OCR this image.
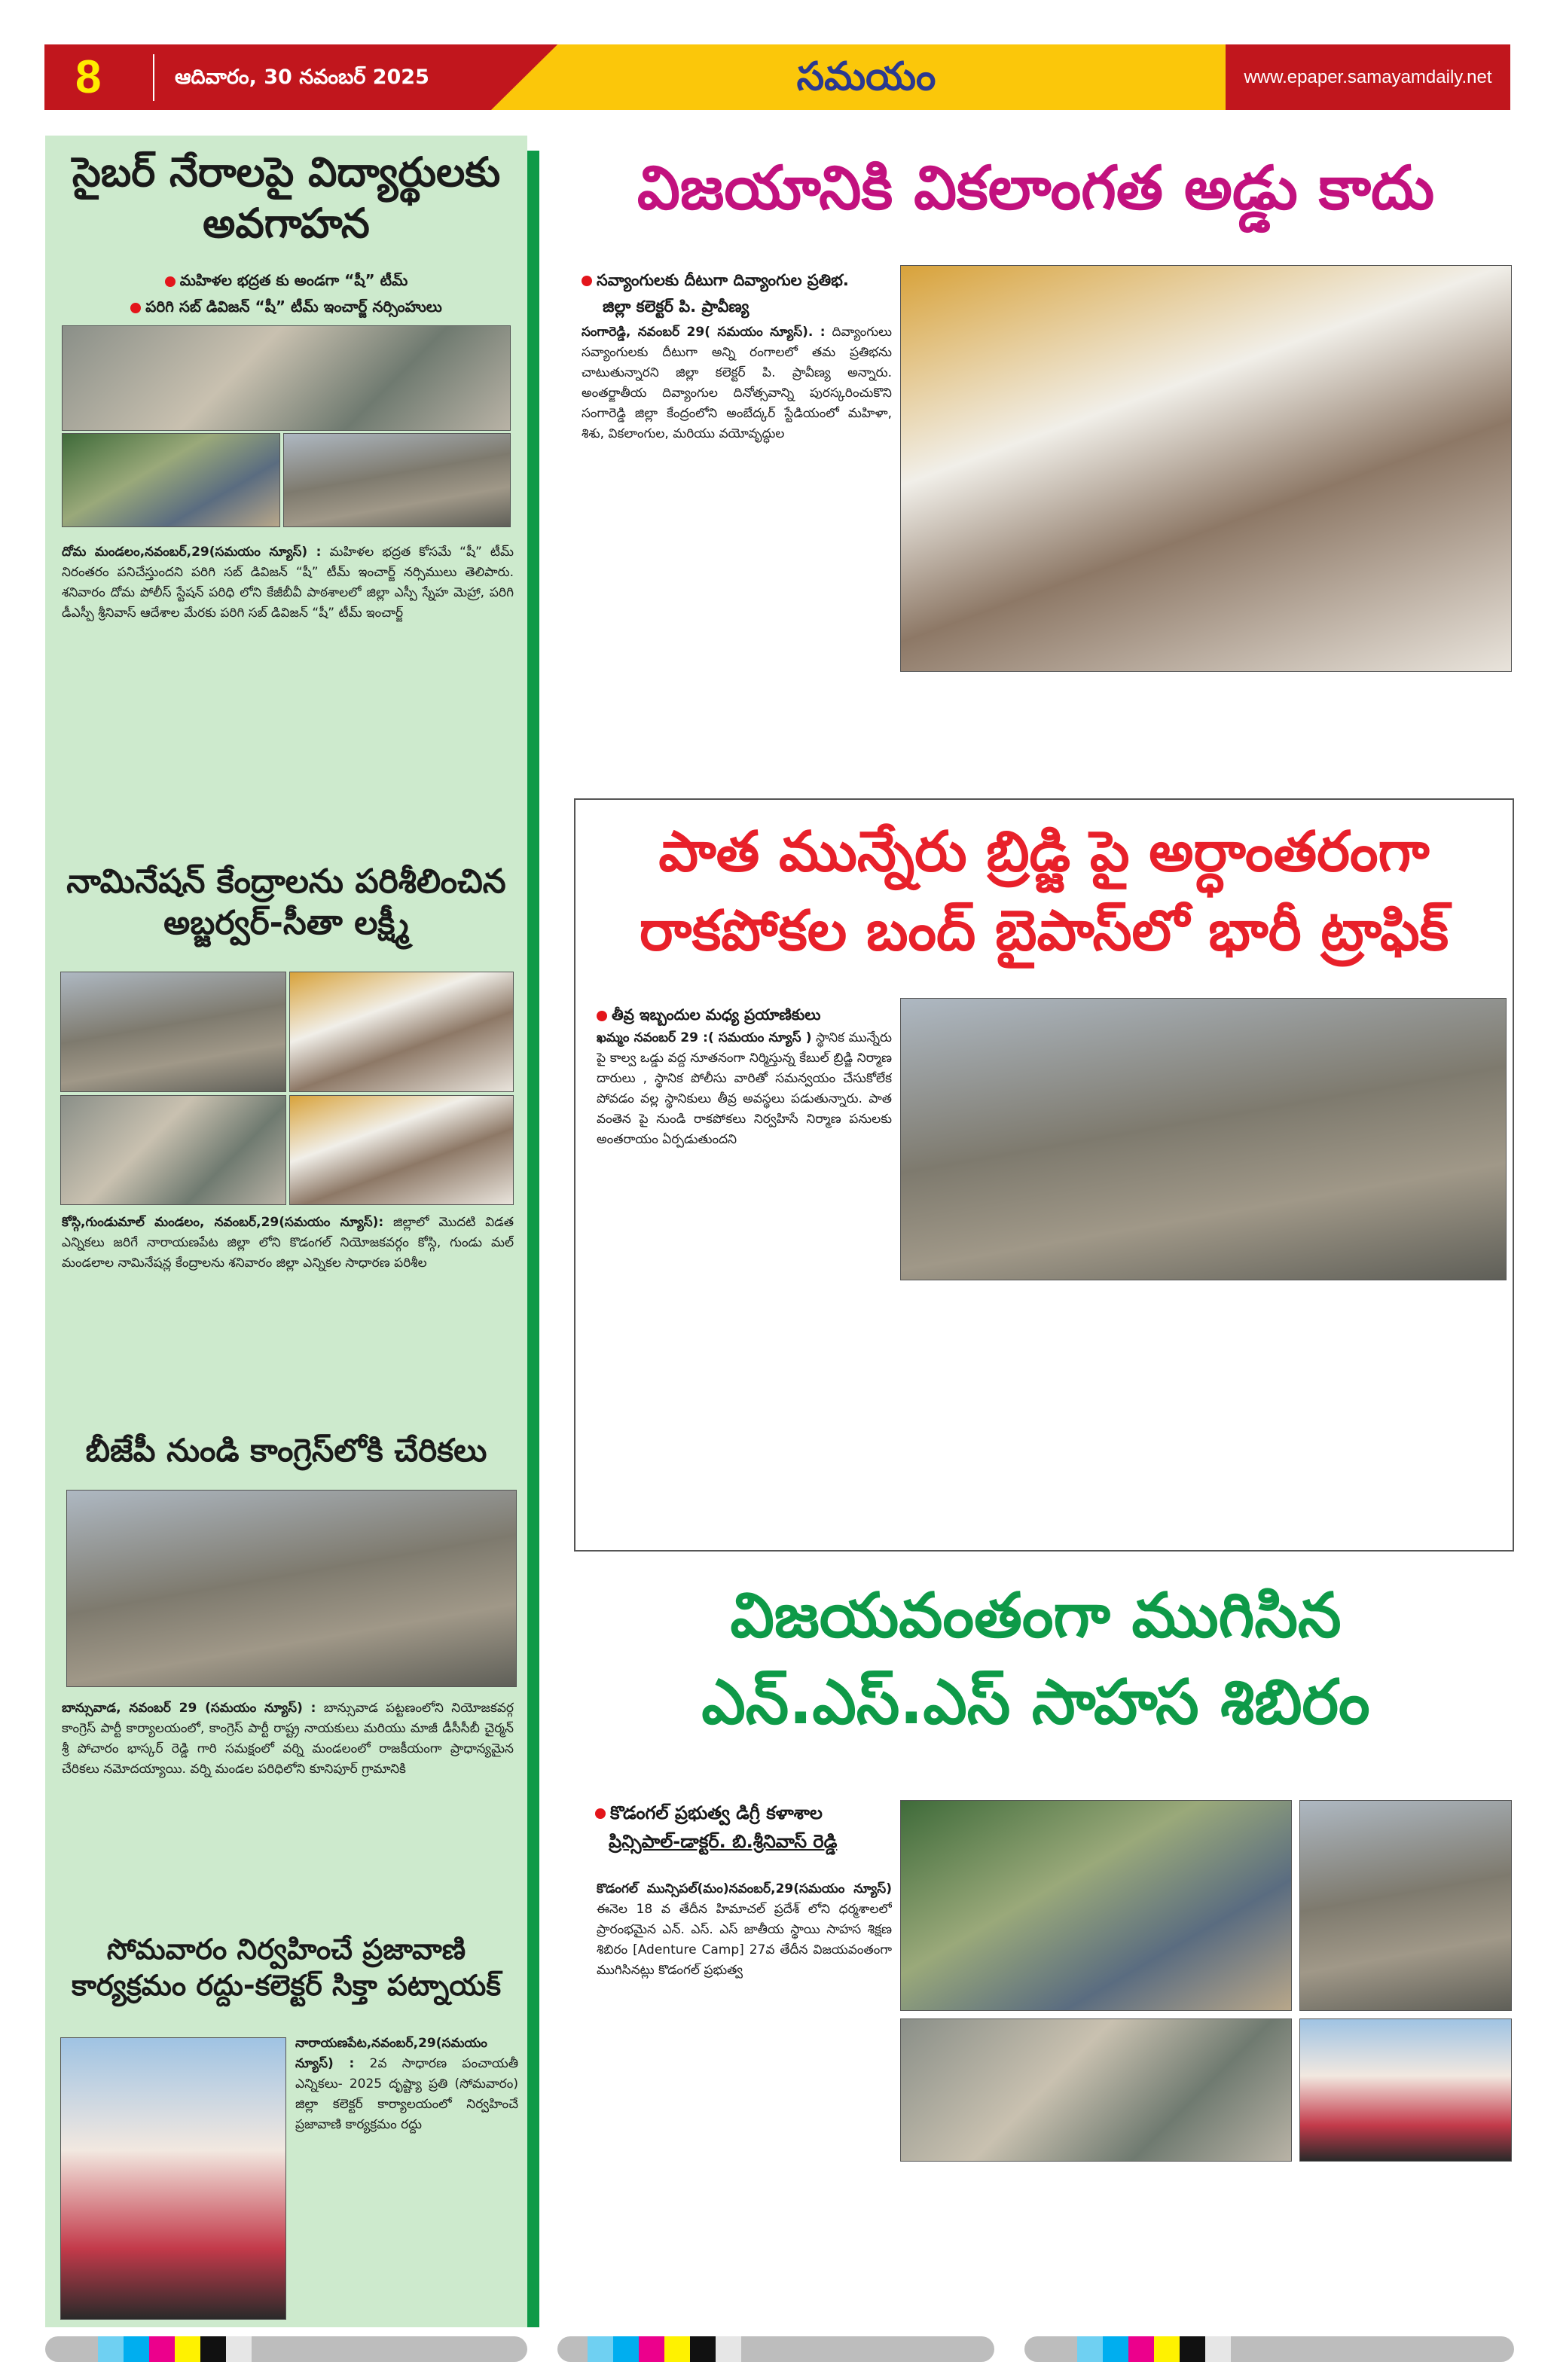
8	ఆదివారం, 30 నవంబర్ 2025	సమయం	www.epaper.samayamdaily.net
సైబర్ నేరాలపై విద్యార్థులకు అవగాహన
మహిళల భద్రత కు అండగా “షీ” టీమ్
పరిగి సబ్ డివిజన్ “షీ” టీమ్ ఇంచార్జ్ నర్సింహులు
దోమ మండలం,నవంబర్,29(సమయం న్యూస్) : మహిళల భద్రత కోసమే “షీ” టీమ్ నిరంతరం పనిచేస్తుందని పరిగి సబ్ డివిజన్ “షీ” టీమ్ ఇంచార్జ్ నర్సిములు తెలిపారు. శనివారం దోమ పోలీస్ స్టేషన్ పరిధి లోని కేజీబీవీ పాఠశాలలో జిల్లా ఎస్పీ స్నేహ మెహ్రా, పరిగి డీఎస్పీ శ్రీనివాస్ ఆదేశాల మేరకు పరిగి సబ్ డివిజన్ “షీ” టీమ్ ఇంచార్జ్
నామినేషన్ కేంద్రాలను పరిశీలించిన అబ్జర్వర్-సీతా లక్ష్మీ
కోస్గి,గుండుమాల్ మండలం, నవంబర్,29(సమయం న్యూస్): జిల్లాలో మొదటి విడత ఎన్నికలు జరిగే నారాయణపేట జిల్లా లోని కొడంగల్ నియోజకవర్గం కోస్గి, గుండు మల్ మండలాల నామినేషన్ల కేంద్రాలను శనివారం జిల్లా ఎన్నికల సాధారణ పరిశీల
బీజేపీ నుండి కాంగ్రెస్‌లోకి చేరికలు
బాన్సువాడ, నవంబర్ 29 (సమయం న్యూస్) : బాన్సువాడ పట్టణంలోని నియోజకవర్గ కాంగ్రెస్ పార్టీ కార్యాలయంలో, కాంగ్రెస్ పార్టీ రాష్ట్ర నాయకులు మరియు మాజీ డీసీసీబీ చైర్మన్ శ్రీ పోచారం భాస్కర్ రెడ్డి గారి సమక్షంలో వర్ని మండలంలో రాజకీయంగా ప్రాధాన్యమైన చేరికలు నమోదయ్యాయి. వర్ని మండల పరిధిలోని కూనిపూర్ గ్రామానికి
సోమవారం నిర్వహించే ప్రజావాణి కార్యక్రమం రద్దు-కలెక్టర్ సిక్తా పట్నాయక్
నారాయణపేట,నవంబర్,29(సమయం న్యూస్) : 2వ సాధారణ పంచాయతీ ఎన్నికలు- 2025 దృష్ట్యా ప్రతి (సోమవారం) జిల్లా కలెక్టర్ కార్యాలయంలో నిర్వహించే ప్రజావాణి కార్యక్రమం రద్దు
విజయానికి వికలాంగత అడ్డు కాదు
సవ్యాంగులకు దీటుగా దివ్యాంగుల ప్రతిభ.
జిల్లా కలెక్టర్ పి. ప్రావీణ్య
సంగారెడ్డి, నవంబర్ 29( సమయం న్యూస్). : దివ్యాంగులు సవ్యాంగులకు దీటుగా అన్ని రంగాలలో తమ ప్రతిభను చాటుతున్నారని జిల్లా కలెక్టర్ పి. ప్రావీణ్య అన్నారు. అంతర్జాతీయ దివ్యాంగుల దినోత్సవాన్ని పురస్కరించుకొని సంగారెడ్డి జిల్లా కేంద్రంలోని అంబేద్కర్ స్టేడియంలో మహిళా, శిశు, వికలాంగుల, మరియు వయోవృద్ధుల
పాత మున్నేరు బ్రిడ్జి పై అర్ధాంతరంగా
రాకపోకల బంద్ బైపాస్‌లో భారీ ట్రాఫిక్
తీవ్ర ఇబ్బందుల మధ్య ప్రయాణికులు
ఖమ్మం నవంబర్ 29 :( సమయం న్యూస్ ) స్థానిక మున్నేరు పై కాల్వ ఒడ్డు వద్ద నూతనంగా నిర్మిస్తున్న కేబుల్ బ్రిడ్జి నిర్మాణ దారులు , స్థానిక పోలీసు వారితో సమన్వయం చేసుకోలేక పోవడం వల్ల స్థానికులు తీవ్ర అవస్థలు పడుతున్నారు. పాత వంతెన పై నుండి రాకపోకలు నిర్వహిసే నిర్మాణ పనులకు అంతరాయం ఏర్పడుతుందని
విజయవంతంగా ముగిసిన
ఎన్.ఎస్.ఎస్ సాహస శిబిరం
కొడంగల్ ప్రభుత్వ డిగ్రీ కళాశాల
ప్రిన్సిపాల్-డాక్టర్. బి.శ్రీనివాస్ రెడ్డి
కొడంగల్ మున్సిపల్(మం)నవంబర్,29(సమయం న్యూస్) ఈనెల 18 వ తేదీన హిమాచల్ ప్రదేశ్ లోని ధర్మశాలలో ప్రారంభమైన ఎన్. ఎస్. ఎస్ జాతీయ స్థాయి సాహస శిక్షణ శిబిరం [Adenture Camp] 27వ తేదీన విజయవంతంగా ముగిసినట్లు కొడంగల్ ప్రభుత్వ
